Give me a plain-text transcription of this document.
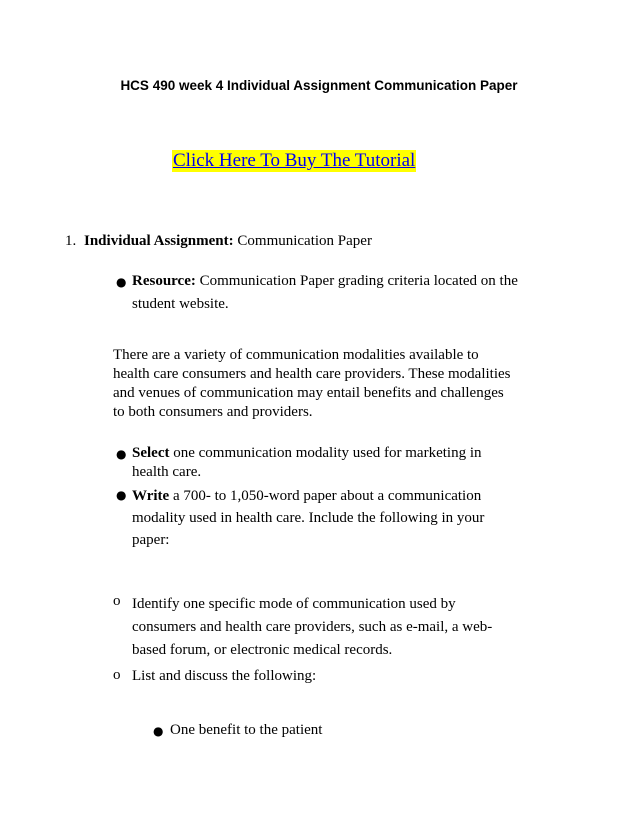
HCS 490 week 4 Individual Assignment Communication Paper
Click Here To Buy The Tutorial
1. Individual Assignment: Communication Paper
● Resource: Communication Paper grading criteria located on the
student website.
There are a variety of communication modalities available to
health care consumers and health care providers. These modalities
and venues of communication may entail benefits and challenges
to both consumers and providers.
● Select one communication modality used for marketing in
health care.
● Write a 700- to 1,050-word paper about a communication
modality used in health care. Include the following in your
paper:
o Identify one specific mode of communication used by
consumers and health care providers, such as e-mail, a web-
based forum, or electronic medical records.
o List and discuss the following:
● One benefit to the patient
